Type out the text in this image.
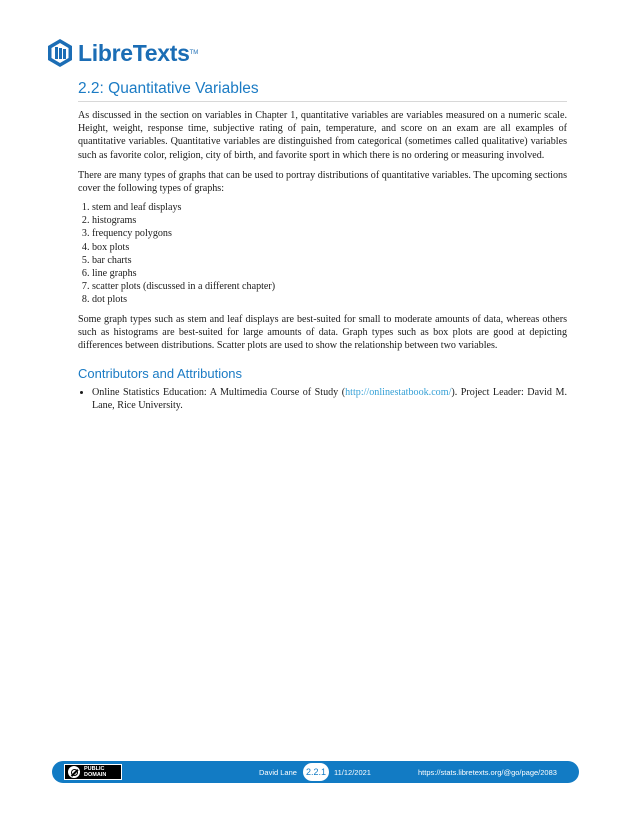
LibreTexts TM
2.2: Quantitative Variables

As discussed in the section on variables in Chapter 1, quantitative variables are variables measured on a numeric scale. Height, weight, response time, subjective rating of pain, temperature, and score on an exam are all examples of quantitative variables. Quantitative variables are distinguished from categorical (sometimes called qualitative) variables such as favorite color, religion, city of birth, and favorite sport in which there is no ordering or measuring involved.

There are many types of graphs that can be used to portray distributions of quantitative variables. The upcoming sections cover the following types of graphs:

1. stem and leaf displays
2. histograms
3. frequency polygons
4. box plots
5. bar charts
6. line graphs
7. scatter plots (discussed in a different chapter)
8. dot plots

Some graph types such as stem and leaf displays are best-suited for small to moderate amounts of data, whereas others such as histograms are best-suited for large amounts of data. Graph types such as box plots are good at depicting differences between distributions. Scatter plots are used to show the relationship between two variables.

Contributors and Attributions
• Online Statistics Education: A Multimedia Course of Study (http://onlinestatbook.com/). Project Leader: David M. Lane, Rice University.
PUBLIC
DOMAIN	David Lane	2.2.1	11/12/2021	https://stats.libretexts.org/@go/page/2083
